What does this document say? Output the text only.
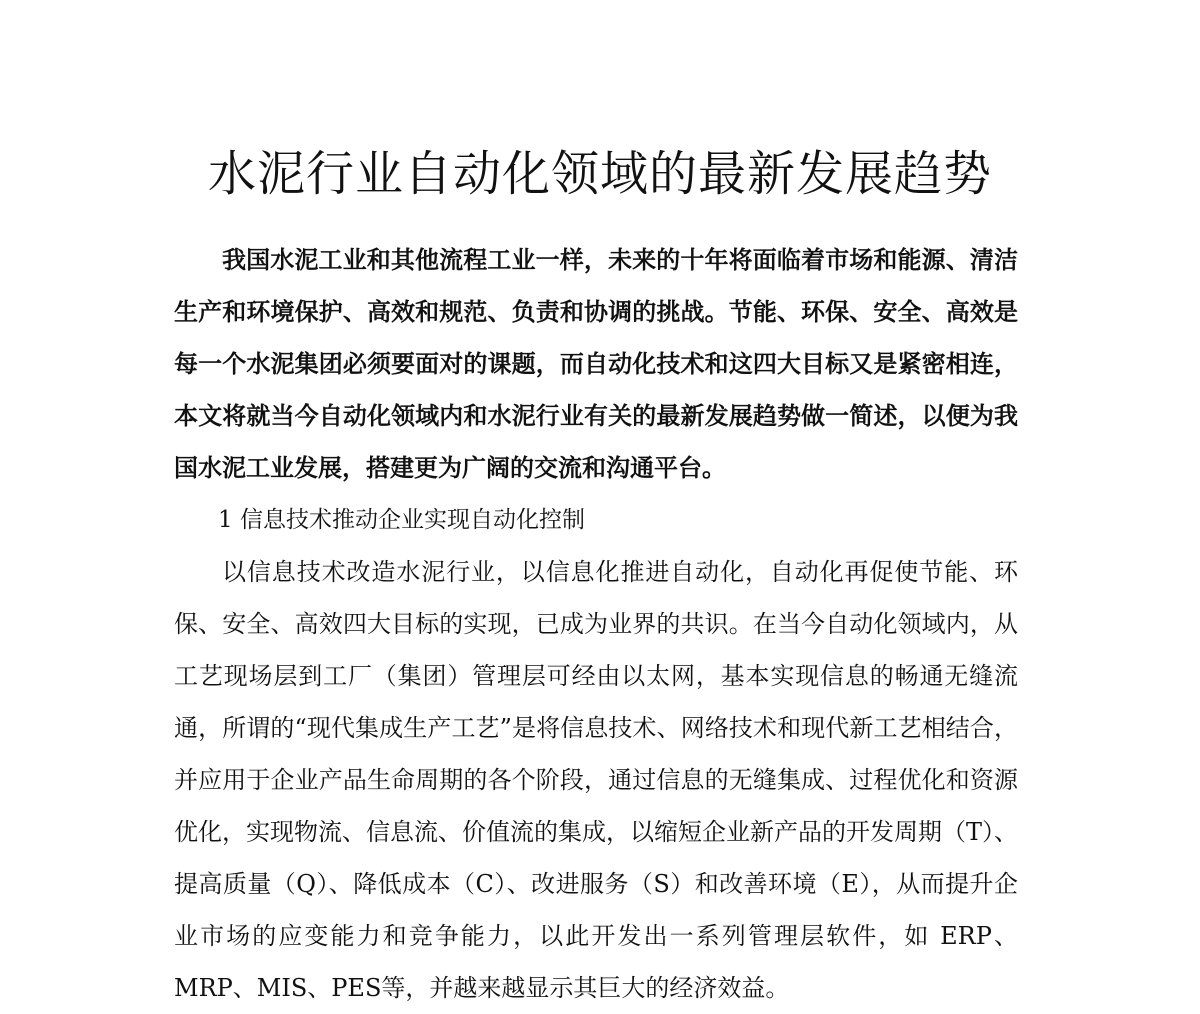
水泥行业自动化领域的最新发展趋势

我国水泥工业和其他流程工业一样，未来的十年将面临着市场和能源、清洁生产和环境保护、高效和规范、负责和协调的挑战。节能、环保、安全、高效是每一个水泥集团必须要面对的课题，而自动化技术和这四大目标又是紧密相连，本文将就当今自动化领域内和水泥行业有关的最新发展趋势做一简述，以便为我国水泥工业发展，搭建更为广阔的交流和沟通平台。

1 信息技术推动企业实现自动化控制

以信息技术改造水泥行业，以信息化推进自动化，自动化再促使节能、环保、安全、高效四大目标的实现，已成为业界的共识。在当今自动化领域内，从工艺现场层到工厂（集团）管理层可经由以太网，基本实现信息的畅通无缝流通，所谓的“现代集成生产工艺”是将信息技术、网络技术和现代新工艺相结合，并应用于企业产品生命周期的各个阶段，通过信息的无缝集成、过程优化和资源优化，实现物流、信息流、价值流的集成，以缩短企业新产品的开发周期（T）、提高质量（Q）、降低成本（C）、改进服务（S）和改善环境（E），从而提升企业市场的应变能力和竞争能力，以此开发出一系列管理层软件，如 ERP、MRP、MIS、PES等，并越来越显示其巨大的经济效益。
